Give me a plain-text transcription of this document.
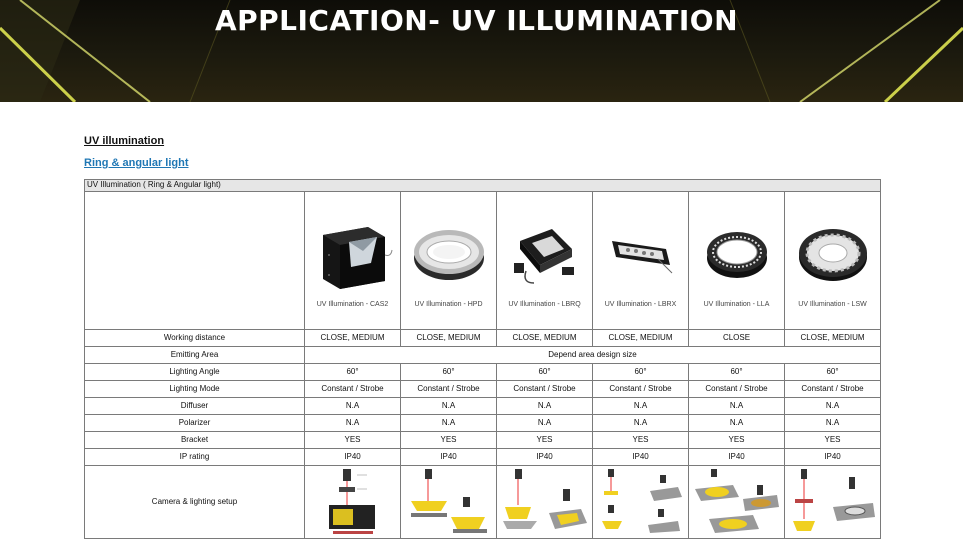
APPLICATION- UV ILLUMINATION
UV illumination
Ring & angular light
UV Illumination ( Ring & Angular light)						

	UV Illumination - CAS2	UV Illumination - HPD	UV Illumination - LBRQ	UV Illumination - LBRX	UV Illumination - LLA	UV Illumination - LSW

Working distance	CLOSE, MEDIUM	CLOSE, MEDIUM	CLOSE, MEDIUM	CLOSE, MEDIUM	CLOSE	CLOSE, MEDIUM
Emitting Area	Depend area design size					
Lighting Angle	60°	60°	60°	60°	60°	60°
Lighting Mode	Constant / Strobe	Constant / Strobe	Constant / Strobe	Constant / Strobe	Constant / Strobe	Constant / Strobe
Diffuser	N.A	N.A	N.A	N.A	N.A	N.A
Polarizer	N.A	N.A	N.A	N.A	N.A	N.A
Bracket	YES	YES	YES	YES	YES	YES
IP rating	IP40	IP40	IP40	IP40	IP40	IP40
Camera & lighting setup	
